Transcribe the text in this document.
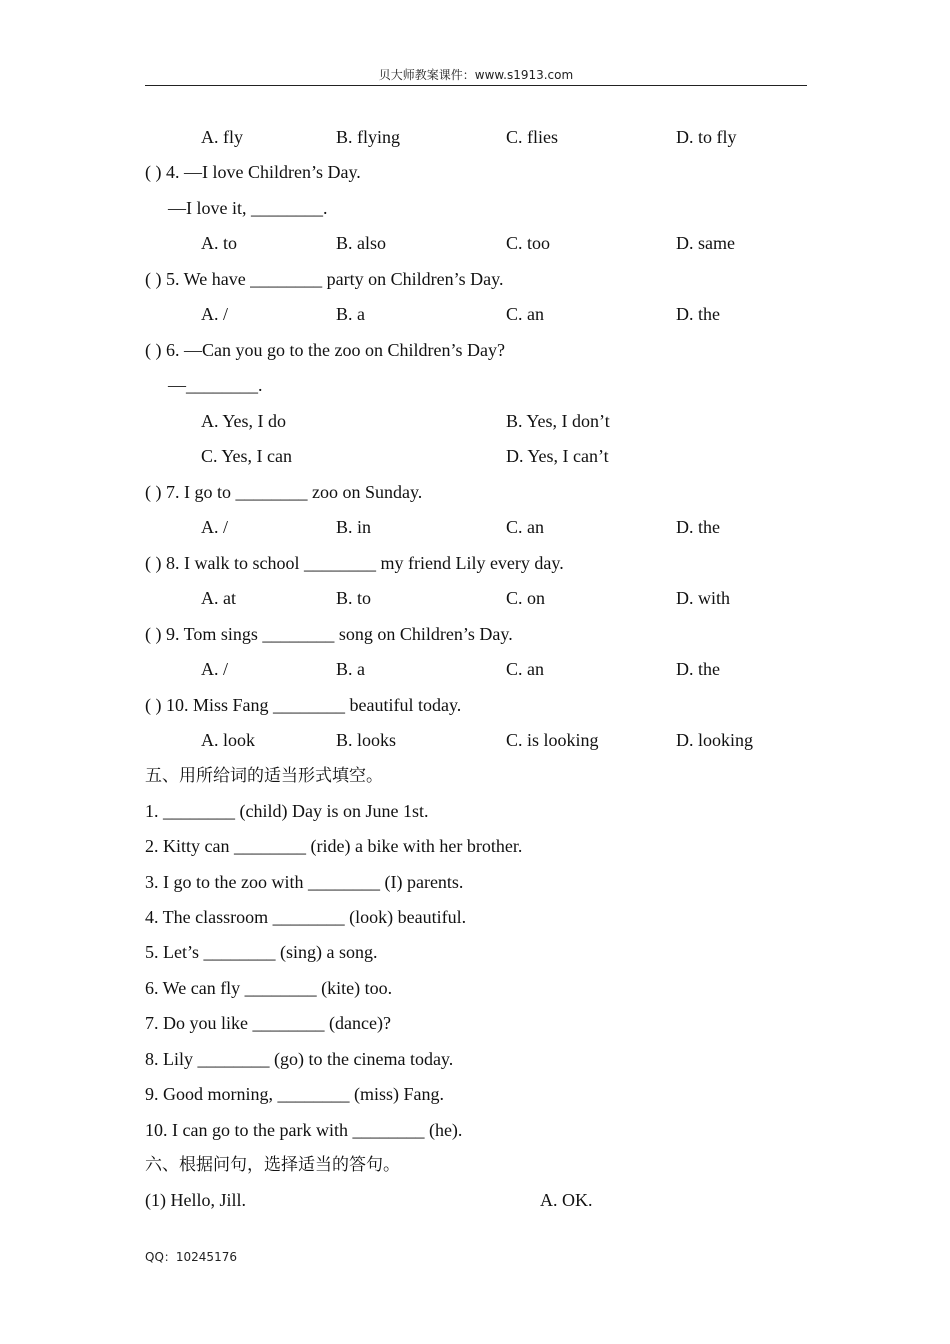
贝大师教案课件：www.s1913.com
A. fly	B. flying	C. flies	D. to fly
( ) 4. —I love Children’s Day.
—I love it, ________.
A. to	B. also	C. too	D. same
( ) 5. We have ________ party on Children’s Day.
A. /	B. a	C. an	D. the
( ) 6. —Can you go to the zoo on Children’s Day?
—________.
A. Yes, I do	B. Yes, I don’t
C. Yes, I can	D. Yes, I can’t
( ) 7. I go to ________ zoo on Sunday.
A. /	B. in	C. an	D. the
( ) 8. I walk to school ________ my friend Lily every day.
A. at	B. to	C. on	D. with
( ) 9. Tom sings ________ song on Children’s Day.
A. /	B. a	C. an	D. the
( ) 10. Miss Fang ________ beautiful today.
A. look	B. looks	C. is looking	D. looking
五、用所给词的适当形式填空。
1. ________ (child) Day is on June 1st.
2. Kitty can ________ (ride) a bike with her brother.
3. I go to the zoo with ________ (I) parents.
4. The classroom ________ (look) beautiful.
5. Let’s ________ (sing) a song.
6. We can fly ________ (kite) too.
7. Do you like ________ (dance)?
8. Lily ________ (go) to the cinema today.
9. Good morning, ________ (miss) Fang.
10. I can go to the park with ________ (he).
六、根据问句，选择适当的答句。
(1) Hello, Jill.	A. OK.
QQ：10245176
